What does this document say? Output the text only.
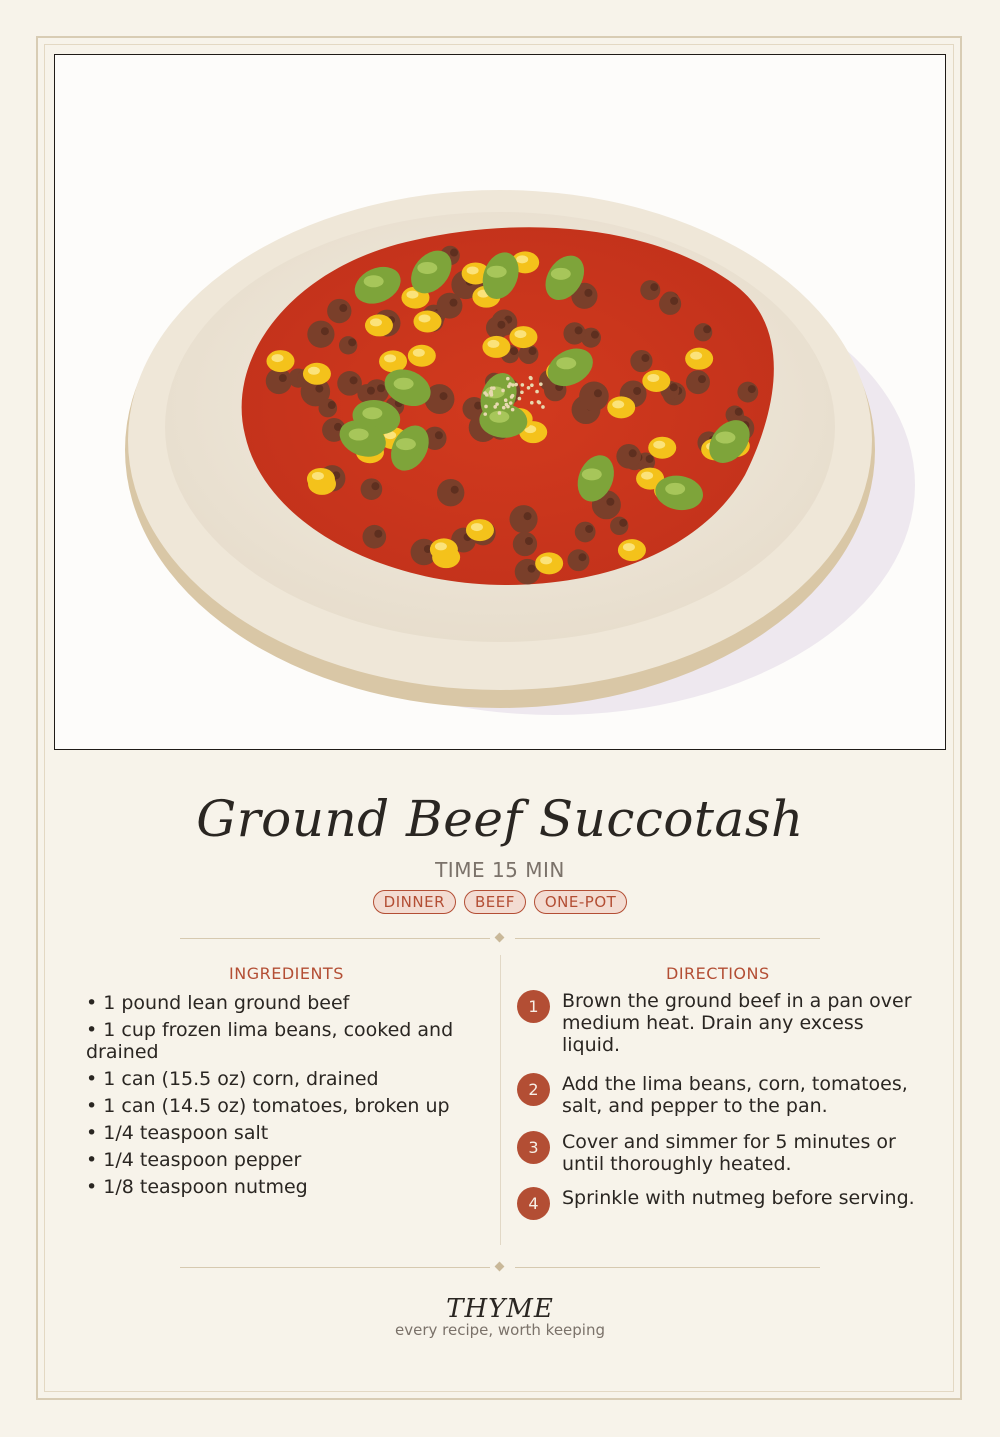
Ground Beef Succotash
TIME 15 MIN
DINNER	BEEF	ONE-POT
INGREDIENTS	DIRECTIONS
• 1 pound lean ground beef
• 1 cup frozen lima beans, cooked and drained
• 1 can (15.5 oz) corn, drained
• 1 can (14.5 oz) tomatoes, broken up
• 1/4 teaspoon salt
• 1/4 teaspoon pepper
• 1/8 teaspoon nutmeg
1	Brown the ground beef in a pan over medium heat. Drain any excess liquid.
2	Add the lima beans, corn, tomatoes, salt, and pepper to the pan.
3	Cover and simmer for 5 minutes or until thoroughly heated.
4	Sprinkle with nutmeg before serving.
THYME
every recipe, worth keeping
